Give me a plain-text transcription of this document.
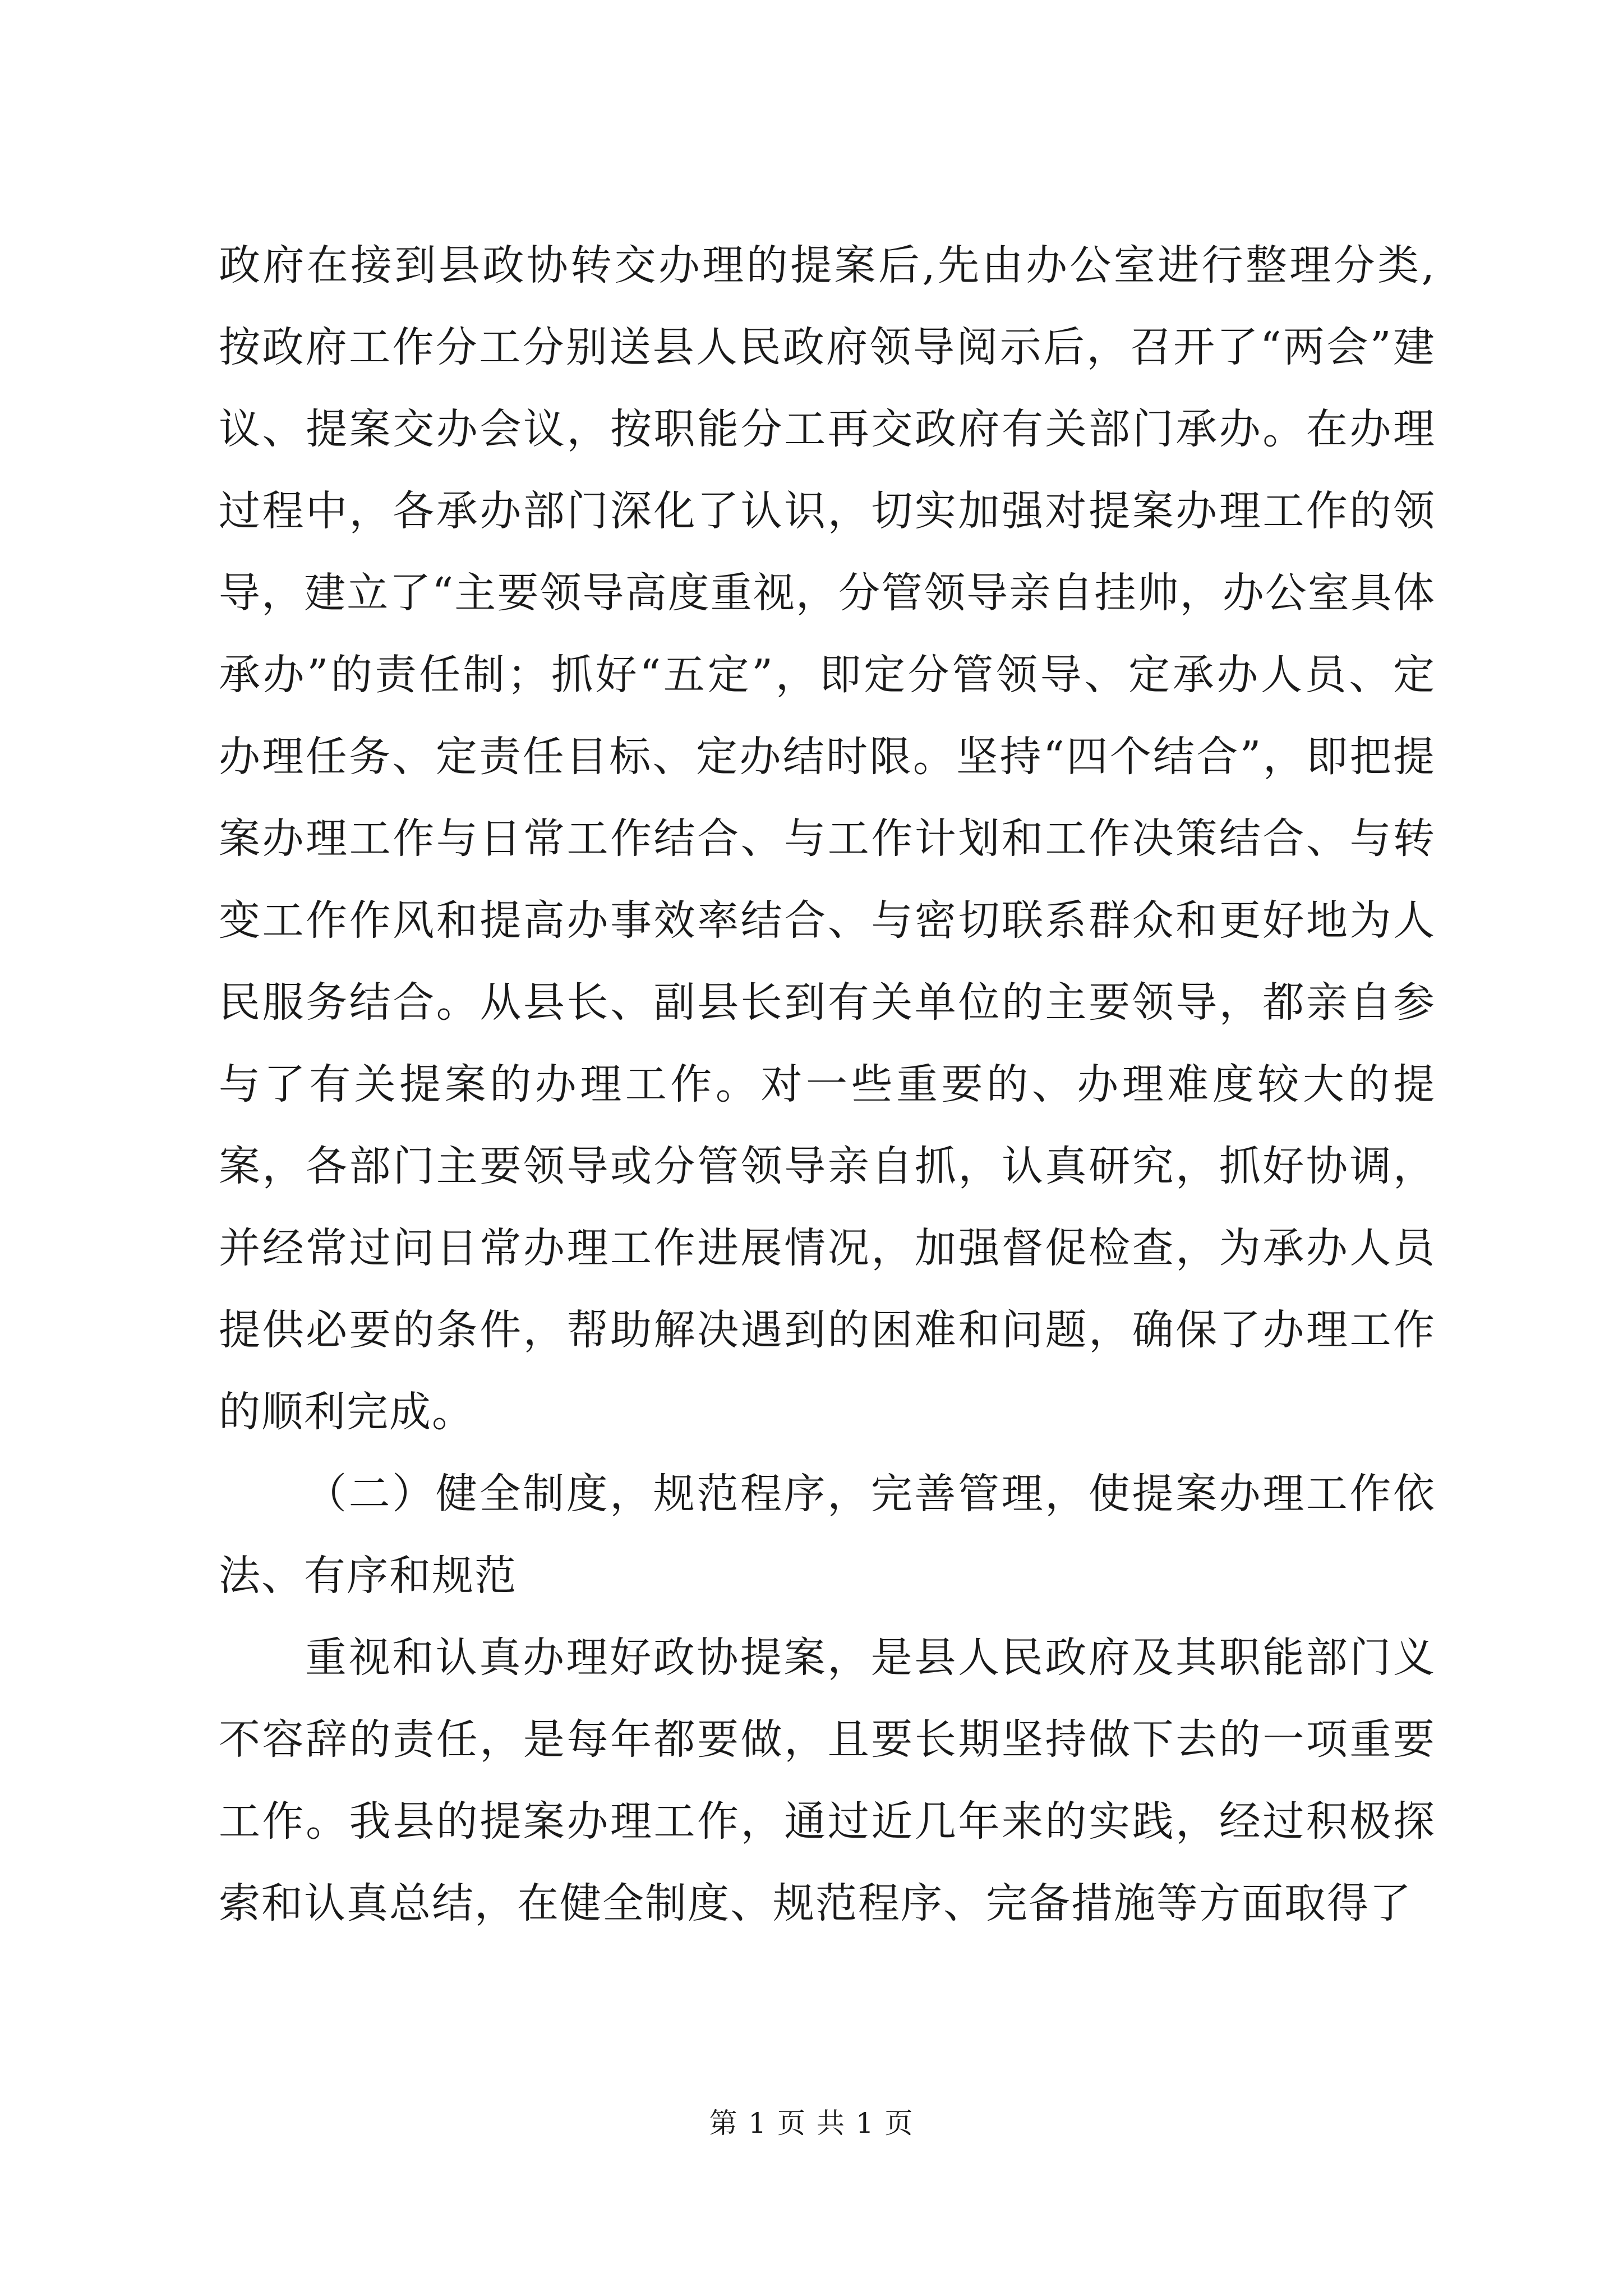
政府在接到县政协转交办理的提案后,先由办公室进行整理分类,按政府工作分工分别送县人民政府领导阅示后，召开了“两会”建议、提案交办会议，按职能分工再交政府有关部门承办。在办理过程中，各承办部门深化了认识，切实加强对提案办理工作的领导，建立了“主要领导高度重视，分管领导亲自挂帅，办公室具体承办”的责任制；抓好“五定”，即定分管领导、定承办人员、定办理任务、定责任目标、定办结时限。坚持“四个结合”，即把提案办理工作与日常工作结合、与工作计划和工作决策结合、与转变工作作风和提高办事效率结合、与密切联系群众和更好地为人民服务结合。从县长、副县长到有关单位的主要领导，都亲自参与了有关提案的办理工作。对一些重要的、办理难度较大的提案，各部门主要领导或分管领导亲自抓，认真研究，抓好协调，并经常过问日常办理工作进展情况，加强督促检查，为承办人员提供必要的条件，帮助解决遇到的困难和问题，确保了办理工作的顺利完成。

（二）健全制度，规范程序，完善管理，使提案办理工作依法、有序和规范

重视和认真办理好政协提案，是县人民政府及其职能部门义不容辞的责任，是每年都要做，且要长期坚持做下去的一项重要工作。我县的提案办理工作，通过近几年来的实践，经过积极探索和认真总结，在健全制度、规范程序、完备措施等方面取得了

第 1 页 共 1 页
